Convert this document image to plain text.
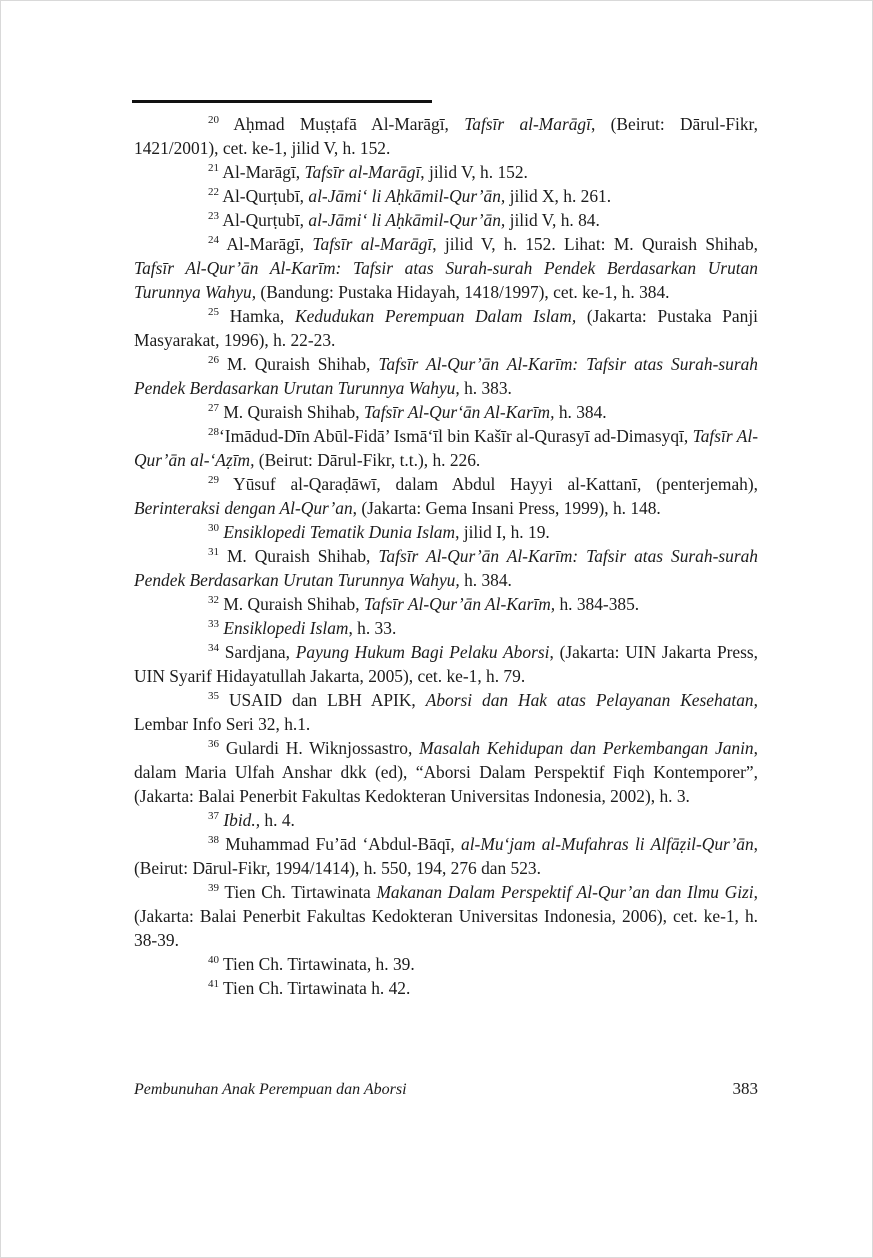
$^{20}$ Aḥmad Muṣṭafā Al-Marāgī, Tafsīr al-Marāgī, (Beirut: Dārul-Fikr, 1421/2001), cet. ke-1, jilid V, h. 152.

$^{21}$ Al-Marāgī, Tafsīr al-Marāgī, jilid V, h. 152.

$^{22}$ Al-Qurṭubī, al-Jāmi‘ li Aḥkāmil-Qur’ān, jilid X, h. 261.

$^{23}$ Al-Qurṭubī, al-Jāmi‘ li Aḥkāmil-Qur’ān, jilid V, h. 84.

$^{24}$ Al-Marāgī, Tafsīr al-Marāgī, jilid V, h. 152. Lihat: M. Quraish Shihab, Tafsīr Al-Qur’ān Al-Karīm: Tafsir atas Surah-surah Pendek Berdasarkan Urutan Turunnya Wahyu, (Bandung: Pustaka Hidayah, 1418/1997), cet. ke-1, h. 384.

$^{25}$ Hamka, Kedudukan Perempuan Dalam Islam, (Jakarta: Pustaka Panji Masyarakat, 1996), h. 22-23.

$^{26}$ M. Quraish Shihab, Tafsīr Al-Qur’ān Al-Karīm: Tafsir atas Surah-surah Pendek Berdasarkan Urutan Turunnya Wahyu, h. 383.

$^{27}$ M. Quraish Shihab, Tafsīr Al-Qur‘ān Al-Karīm, h. 384.

$^{28}$‘Imādud-Dīn Abūl-Fidā’ Ismā‘īl bin Kašīr al-Qurasyī ad-Dimasyqī, Tafsīr Al-Qur’ān al-‘Aẓīm, (Beirut: Dārul-Fikr, t.t.), h. 226.

$^{29}$ Yūsuf al-Qaraḍāwī, dalam Abdul Hayyi al-Kattanī, (penterjemah), Berinteraksi dengan Al-Qur’an, (Jakarta: Gema Insani Press, 1999), h. 148.

$^{30}$ Ensiklopedi Tematik Dunia Islam, jilid I, h. 19.

$^{31}$ M. Quraish Shihab, Tafsīr Al-Qur’ān Al-Karīm: Tafsir atas Surah-surah Pendek Berdasarkan Urutan Turunnya Wahyu, h. 384.

$^{32}$ M. Quraish Shihab, Tafsīr Al-Qur’ān Al-Karīm, h. 384-385.

$^{33}$ Ensiklopedi Islam, h. 33.

$^{34}$ Sardjana, Payung Hukum Bagi Pelaku Aborsi, (Jakarta: UIN Jakarta Press, UIN Syarif Hidayatullah Jakarta, 2005), cet. ke-1, h. 79.

$^{35}$ USAID dan LBH APIK, Aborsi dan Hak atas Pelayanan Kesehatan, Lembar Info Seri 32, h.1.

$^{36}$ Gulardi H. Wiknjossastro, Masalah Kehidupan dan Perkembangan Janin, dalam Maria Ulfah Anshar dkk (ed), “Aborsi Dalam Perspektif Fiqh Kontemporer”, (Jakarta: Balai Penerbit Fakultas Kedokteran Universitas Indonesia, 2002), h. 3.

$^{37}$ Ibid., h. 4.

$^{38}$ Muhammad Fu’ād ‘Abdul-Bāqī, al-Mu‘jam al-Mufahras li Alfāẓil-Qur’ān, (Beirut: Dārul-Fikr, 1994/1414), h. 550, 194, 276 dan 523.

$^{39}$ Tien Ch. Tirtawinata Makanan Dalam Perspektif Al-Qur’an dan Ilmu Gizi, (Jakarta: Balai Penerbit Fakultas Kedokteran Universitas Indonesia, 2006), cet. ke-1, h. 38-39.

$^{40}$ Tien Ch. Tirtawinata, h. 39.

$^{41}$ Tien Ch. Tirtawinata h. 42.

Pembunuhan Anak Perempuan dan Aborsi	383
